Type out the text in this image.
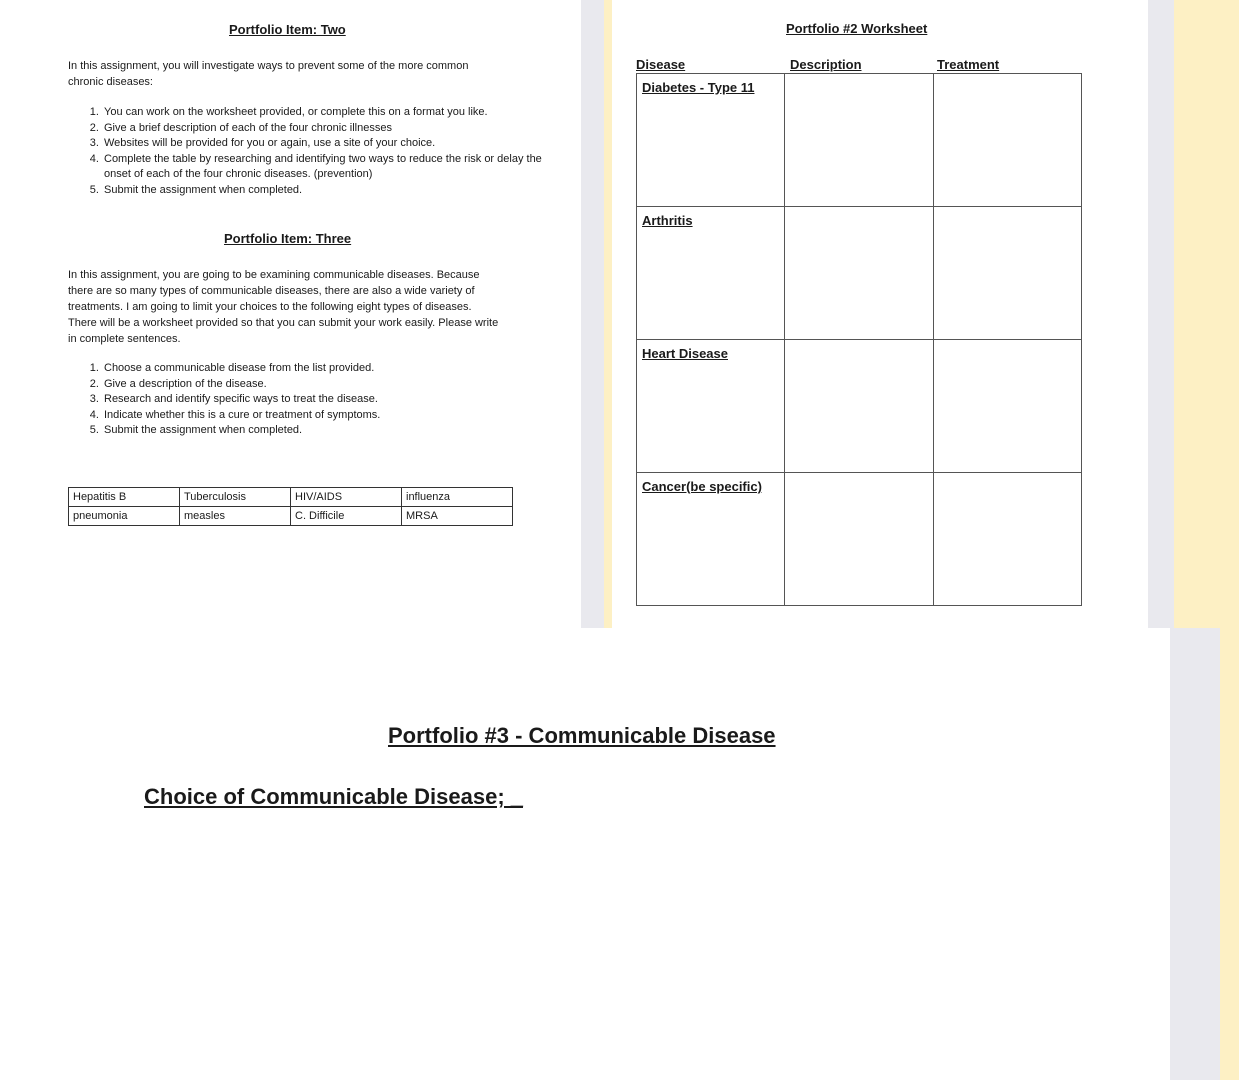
Portfolio Item: Two
In this assignment, you will investigate ways to prevent some of the more common chronic diseases:
1. You can work on the worksheet provided, or complete this on a format you like.
2. Give a brief description of each of the four chronic illnesses
3. Websites will be provided for you or again, use a site of your choice.
4. Complete the table by researching and identifying two ways to reduce the risk or delay the onset of each of the four chronic diseases. (prevention)
5. Submit the assignment when completed.
Portfolio Item: Three
In this assignment, you are going to be examining communicable diseases. Because there are so many types of communicable diseases, there are also a wide variety of treatments. I am going to limit your choices to the following eight types of diseases. There will be a worksheet provided so that you can submit your work easily. Please write in complete sentences.
1. Choose a communicable disease from the list provided.
2. Give a description of the disease.
3. Research and identify specific ways to treat the disease.
4. Indicate whether this is a cure or treatment of symptoms.
5. Submit the assignment when completed.
Hepatitis B	Tuberculosis	HIV/AIDS	influenza
pneumonia	measles	C. Difficile	MRSA
Portfolio #2 Worksheet
Disease	Description	Treatment
Diabetes - Type 11		
Arthritis		
Heart Disease		
Cancer(be specific)		
Portfolio #3 - Communicable Disease
Choice of Communicable Disease; _
